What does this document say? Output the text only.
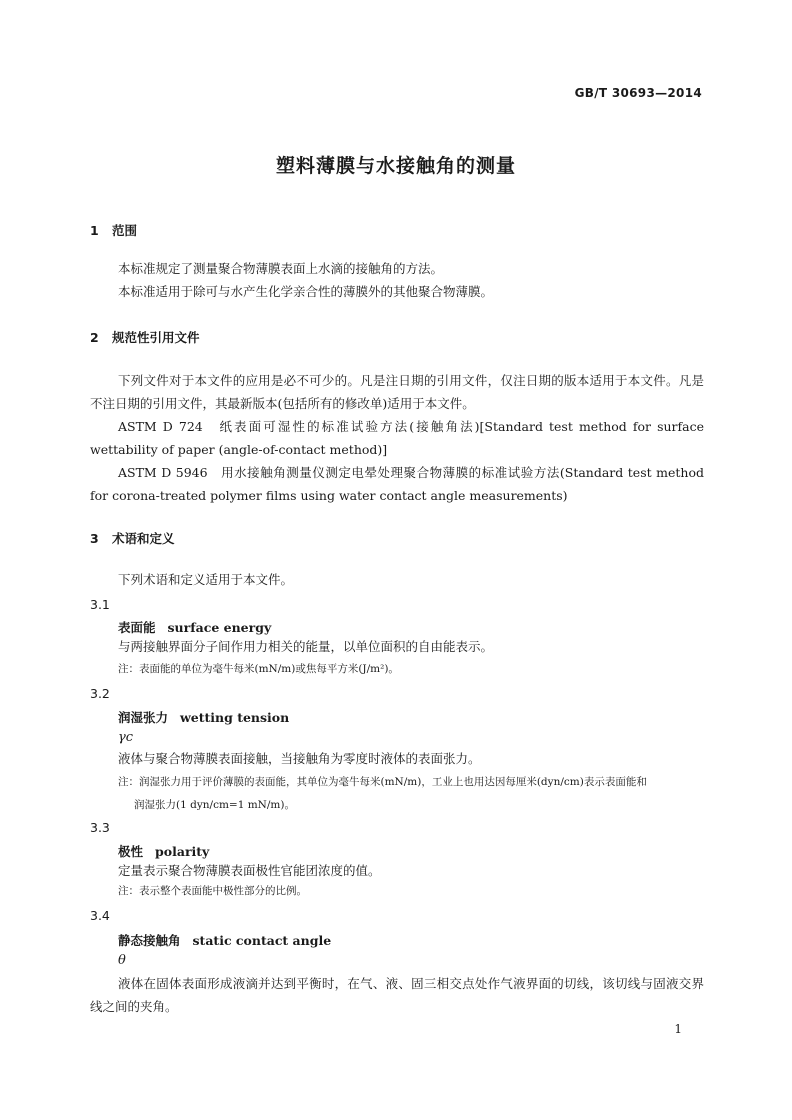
GB/T 30693—2014
塑料薄膜与水接触角的测量
1 范围
本标准规定了测量聚合物薄膜表面上水滴的接触角的方法。
本标准适用于除可与水产生化学亲合性的薄膜外的其他聚合物薄膜。
2 规范性引用文件
下列文件对于本文件的应用是必不可少的。凡是注日期的引用文件，仅注日期的版本适用于本文件。凡是不注日期的引用文件，其最新版本(包括所有的修改单)适用于本文件。
ASTM D 724　纸表面可湿性的标准试验方法(接触角法)[Standard test method for surface wettability of paper (angle-of-contact method)]
ASTM D 5946　用水接触角测量仪测定电晕处理聚合物薄膜的标准试验方法(Standard test method for corona-treated polymer films using water contact angle measurements)
3 术语和定义
下列术语和定义适用于本文件。
3.1
表面能 surface energy
与两接触界面分子间作用力相关的能量，以单位面积的自由能表示。
注：表面能的单位为毫牛每米(mN/m)或焦每平方米(J/m²)。
3.2
润湿张力 wetting tension
γc
液体与聚合物薄膜表面接触，当接触角为零度时液体的表面张力。
注：润湿张力用于评价薄膜的表面能，其单位为毫牛每米(mN/m)，工业上也用达因每厘米(dyn/cm)表示表面能和
润湿张力(1 dyn/cm=1 mN/m)。
3.3
极性 polarity
定量表示聚合物薄膜表面极性官能团浓度的值。
注：表示整个表面能中极性部分的比例。
3.4
静态接触角 static contact angle
θ
液体在固体表面形成液滴并达到平衡时，在气、液、固三相交点处作气液界面的切线，该切线与固液交界线之间的夹角。
1
